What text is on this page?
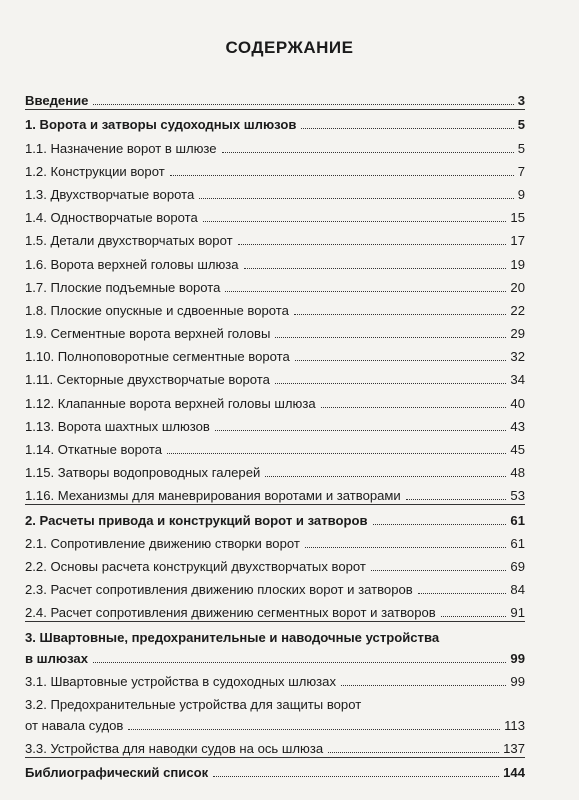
СОДЕРЖАНИЕ
Введение	3
1. Ворота и затворы судоходных шлюзов	5
1.1. Назначение ворот в шлюзе	5
1.2. Конструкции ворот	7
1.3. Двухстворчатые ворота	9
1.4. Одностворчатые ворота	15
1.5. Детали двухстворчатых ворот	17
1.6. Ворота верхней головы шлюза	19
1.7. Плоские подъемные ворота	20
1.8. Плоские опускные и сдвоенные ворота	22
1.9. Сегментные ворота верхней головы	29
1.10. Полноповоротные сегментные ворота	32
1.11. Секторные двухстворчатые ворота	34
1.12. Клапанные ворота верхней головы шлюза	40
1.13. Ворота шахтных шлюзов	43
1.14. Откатные ворота	45
1.15. Затворы водопроводных галерей	48
1.16. Механизмы для маневрирования воротами и затворами	53
2. Расчеты привода и конструкций ворот и затворов	61
2.1. Сопротивление движению створки ворот	61
2.2. Основы расчета конструкций двухстворчатых ворот	69
2.3. Расчет сопротивления движению плоских ворот и затворов	84
2.4. Расчет сопротивления движению сегментных ворот и затворов	91
3. Швартовные, предохранительные и наводочные устройства
в шлюзах	99
3.1. Швартовные устройства в судоходных шлюзах	99
3.2. Предохранительные устройства для защиты ворот
от навала судов	113
3.3. Устройства для наводки судов на ось шлюза	137
Библиографический список	144
